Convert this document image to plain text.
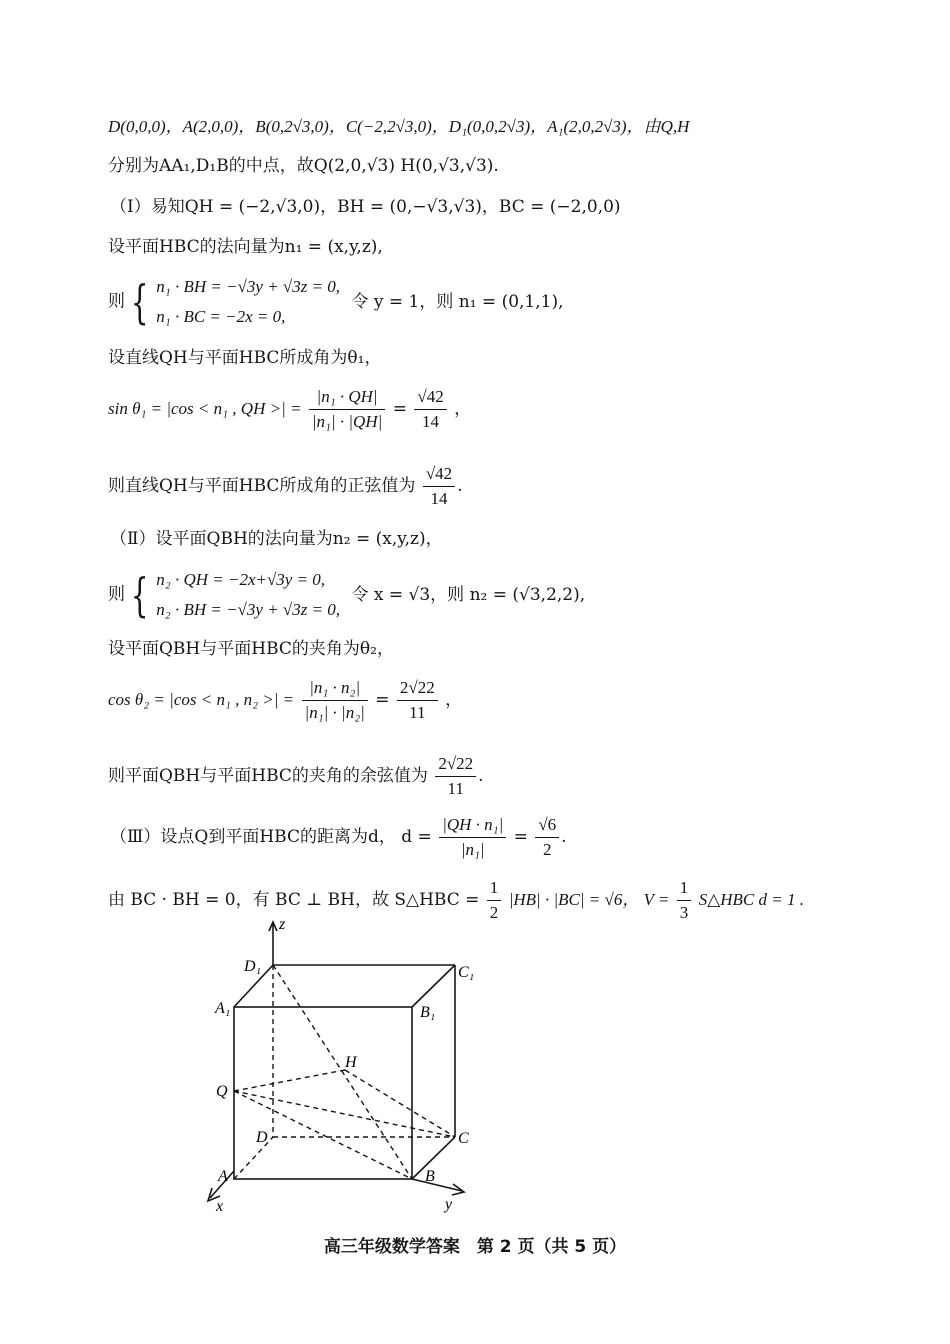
D(0,0,0)，A(2,0,0)，B(0,2√3,0)，C(−2,2√3,0)，D₁(0,0,2√3)，A₁(2,0,2√3)，由Q,H
分别为AA₁,D₁B的中点，故Q(2,0,√3) H(0,√3,√3).
（Ⅰ）易知QH = (−2,√3,0)，BH = (0,−√3,√3)，BC = (−2,0,0)
设平面HBC的法向量为n₁ = (x,y,z),
则 { n₁ · BH = −√3y + √3z = 0,
n₁ · BC = −2x = 0,
令 y = 1，则 n₁ = (0,1,1),
设直线QH与平面HBC所成角为θ₁，
sin θ₁ = |cos < n₁ , QH >| = $\frac{\text{|n₁ · QH|}}{\text{|n₁| · |QH|}} = \frac{√42}{14}$ ，
则直线QH与平面HBC所成角的正弦值为 $\frac{√42}{14}$ .
（Ⅱ）设平面QBH的法向量为n₂ = (x,y,z)，
则 { n₂ · QH = −2x+√3y = 0,
n₂ · BH = −√3y + √3z = 0,
令 x = √3，则 n₂ = (√3,2,2),
设平面QBH与平面HBC的夹角为θ₂，
cos θ₂ = |cos < n₁ , n₂ >| = $\frac{\text{|n₁ · n₂|}}{\text{|n₁| · |n₂|}} = \frac{2√22}{11}$ ，
则平面QBH与平面HBC的夹角的余弦值为 $\frac{2√22}{11}$ .
（Ⅲ）设点Q到平面HBC的距离为d， $d = \frac{\text{|QH · n₁|}}{\text{|n₁|}} = \frac{√6}{2}$ .
由 BC · BH = 0，有 BC ⊥ BH，故 S△HBC = $\frac{1}{2} |HB| \cdot |BC| = √6$， $V = \frac{1}{3}$ S△HBC d = 1 .
z
x	y
D₁	C₁
A₁	B₁
H
Q
D	C
A	B
高三年级数学答案　第 2 页（共 5 页）
